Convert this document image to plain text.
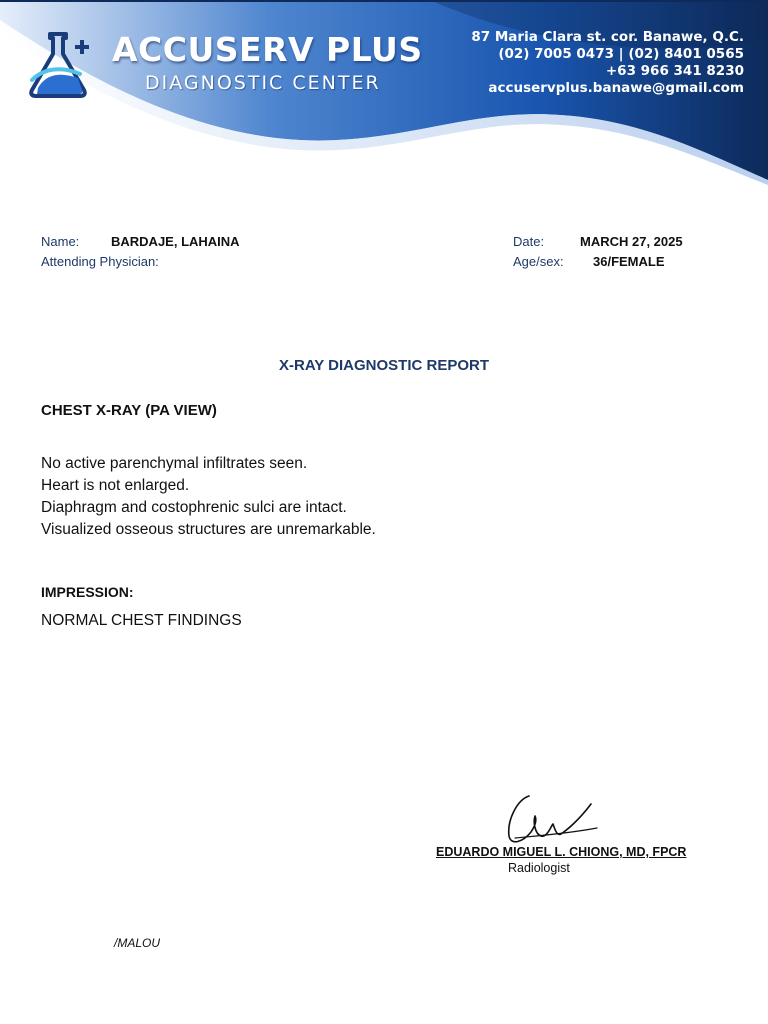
ACCUSERV PLUS
DIAGNOSTIC CENTER
87 Maria Clara st. cor. Banawe, Q.C.
(02) 7005 0473 | (02) 8401 0565
+63 966 341 8230
accuservplus.banawe@gmail.com
Name: BARDAJE, LAHAINA
Attending Physician:
Date:	MARCH 27, 2025
Age/sex: 36/FEMALE
X-RAY DIAGNOSTIC REPORT
CHEST X-RAY (PA VIEW)
No active parenchymal infiltrates seen.
Heart is not enlarged.
Diaphragm and costophrenic sulci are intact.
Visualized osseous structures are unremarkable.
IMPRESSION:
NORMAL CHEST FINDINGS
EDUARDO MIGUEL L. CHIONG, MD, FPCR
Radiologist
/MALOU
